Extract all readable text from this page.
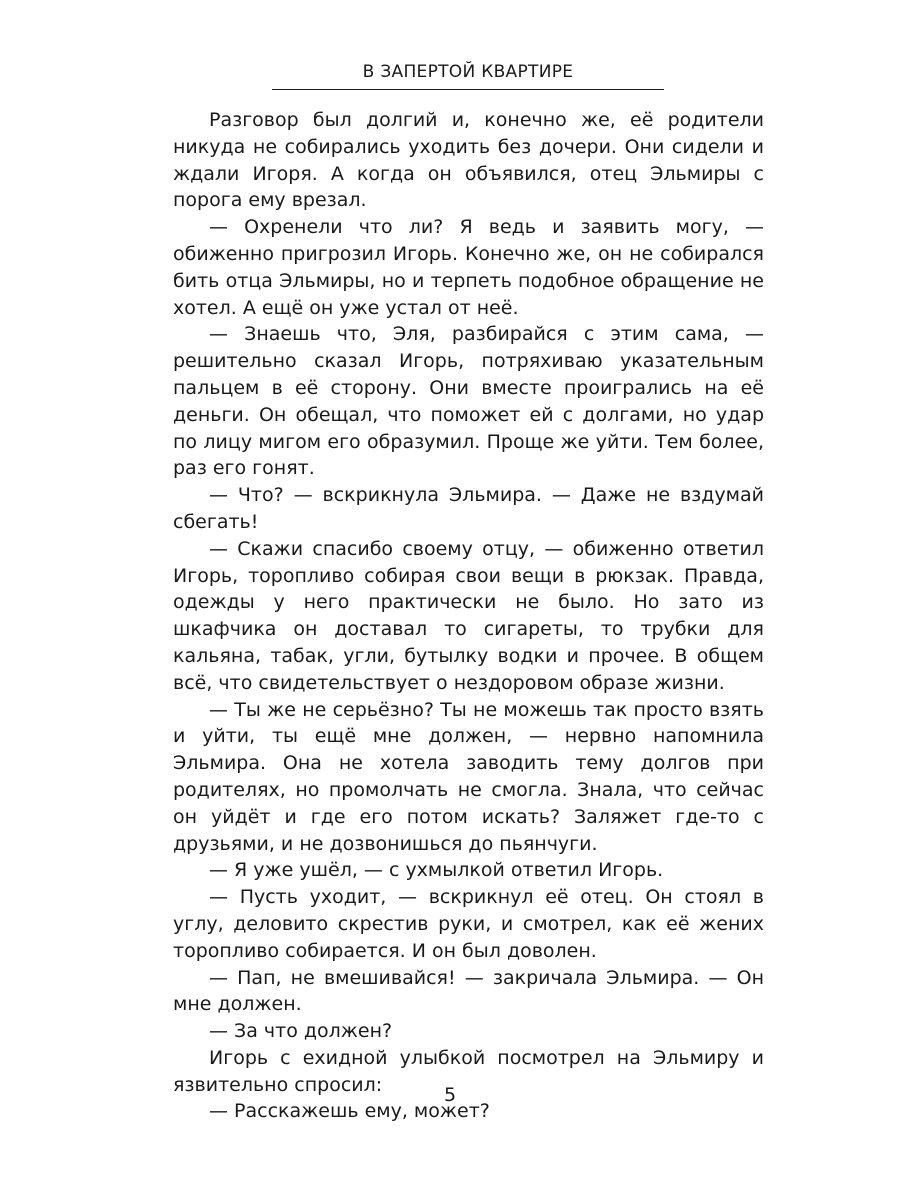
В ЗАПЕРТОЙ КВАРТИРЕ

Разговор был долгий и, конечно же, её родители никуда не собирались уходить без дочери. Они сидели и ждали Игоря. А когда он объявился, отец Эльмиры с порога ему врезал.

— Охренели что ли? Я ведь и заявить могу, — обиженно пригрозил Игорь. Конечно же, он не собирался бить отца Эльмиры, но и терпеть подобное обращение не хотел. А ещё он уже устал от неё.

— Знаешь что, Эля, разбирайся с этим сама, — решительно сказал Игорь, потряхиваю указательным пальцем в её сторону. Они вместе проигрались на её деньги. Он обещал, что поможет ей с долгами, но удар по лицу мигом его образумил. Проще же уйти. Тем более, раз его гонят.

— Что? — вскрикнула Эльмира. — Даже не вздумай сбегать!

— Скажи спасибо своему отцу, — обиженно ответил Игорь, торопливо собирая свои вещи в рюкзак. Правда, одежды у него практически не было. Но зато из шкафчика он доставал то сигареты, то трубки для кальяна, табак, угли, бутылку водки и прочее. В общем всё, что свидетельствует о нездоровом образе жизни.

— Ты же не серьёзно? Ты не можешь так просто взять и уйти, ты ещё мне должен, — нервно напомнила Эльмира. Она не хотела заводить тему долгов при родителях, но промолчать не смогла. Знала, что сейчас он уйдёт и где его потом искать? Заляжет где-то с друзьями, и не дозвонишься до пьянчуги.

— Я уже ушёл, — с ухмылкой ответил Игорь.

— Пусть уходит, — вскрикнул её отец. Он стоял в углу, деловито скрестив руки, и смотрел, как её жених торопливо собирается. И он был доволен.

— Пап, не вмешивайся! — закричала Эльмира. — Он мне должен.

— За что должен?

Игорь с ехидной улыбкой посмотрел на Эльмиру и язвительно спросил:

— Расскажешь ему, может?

5
